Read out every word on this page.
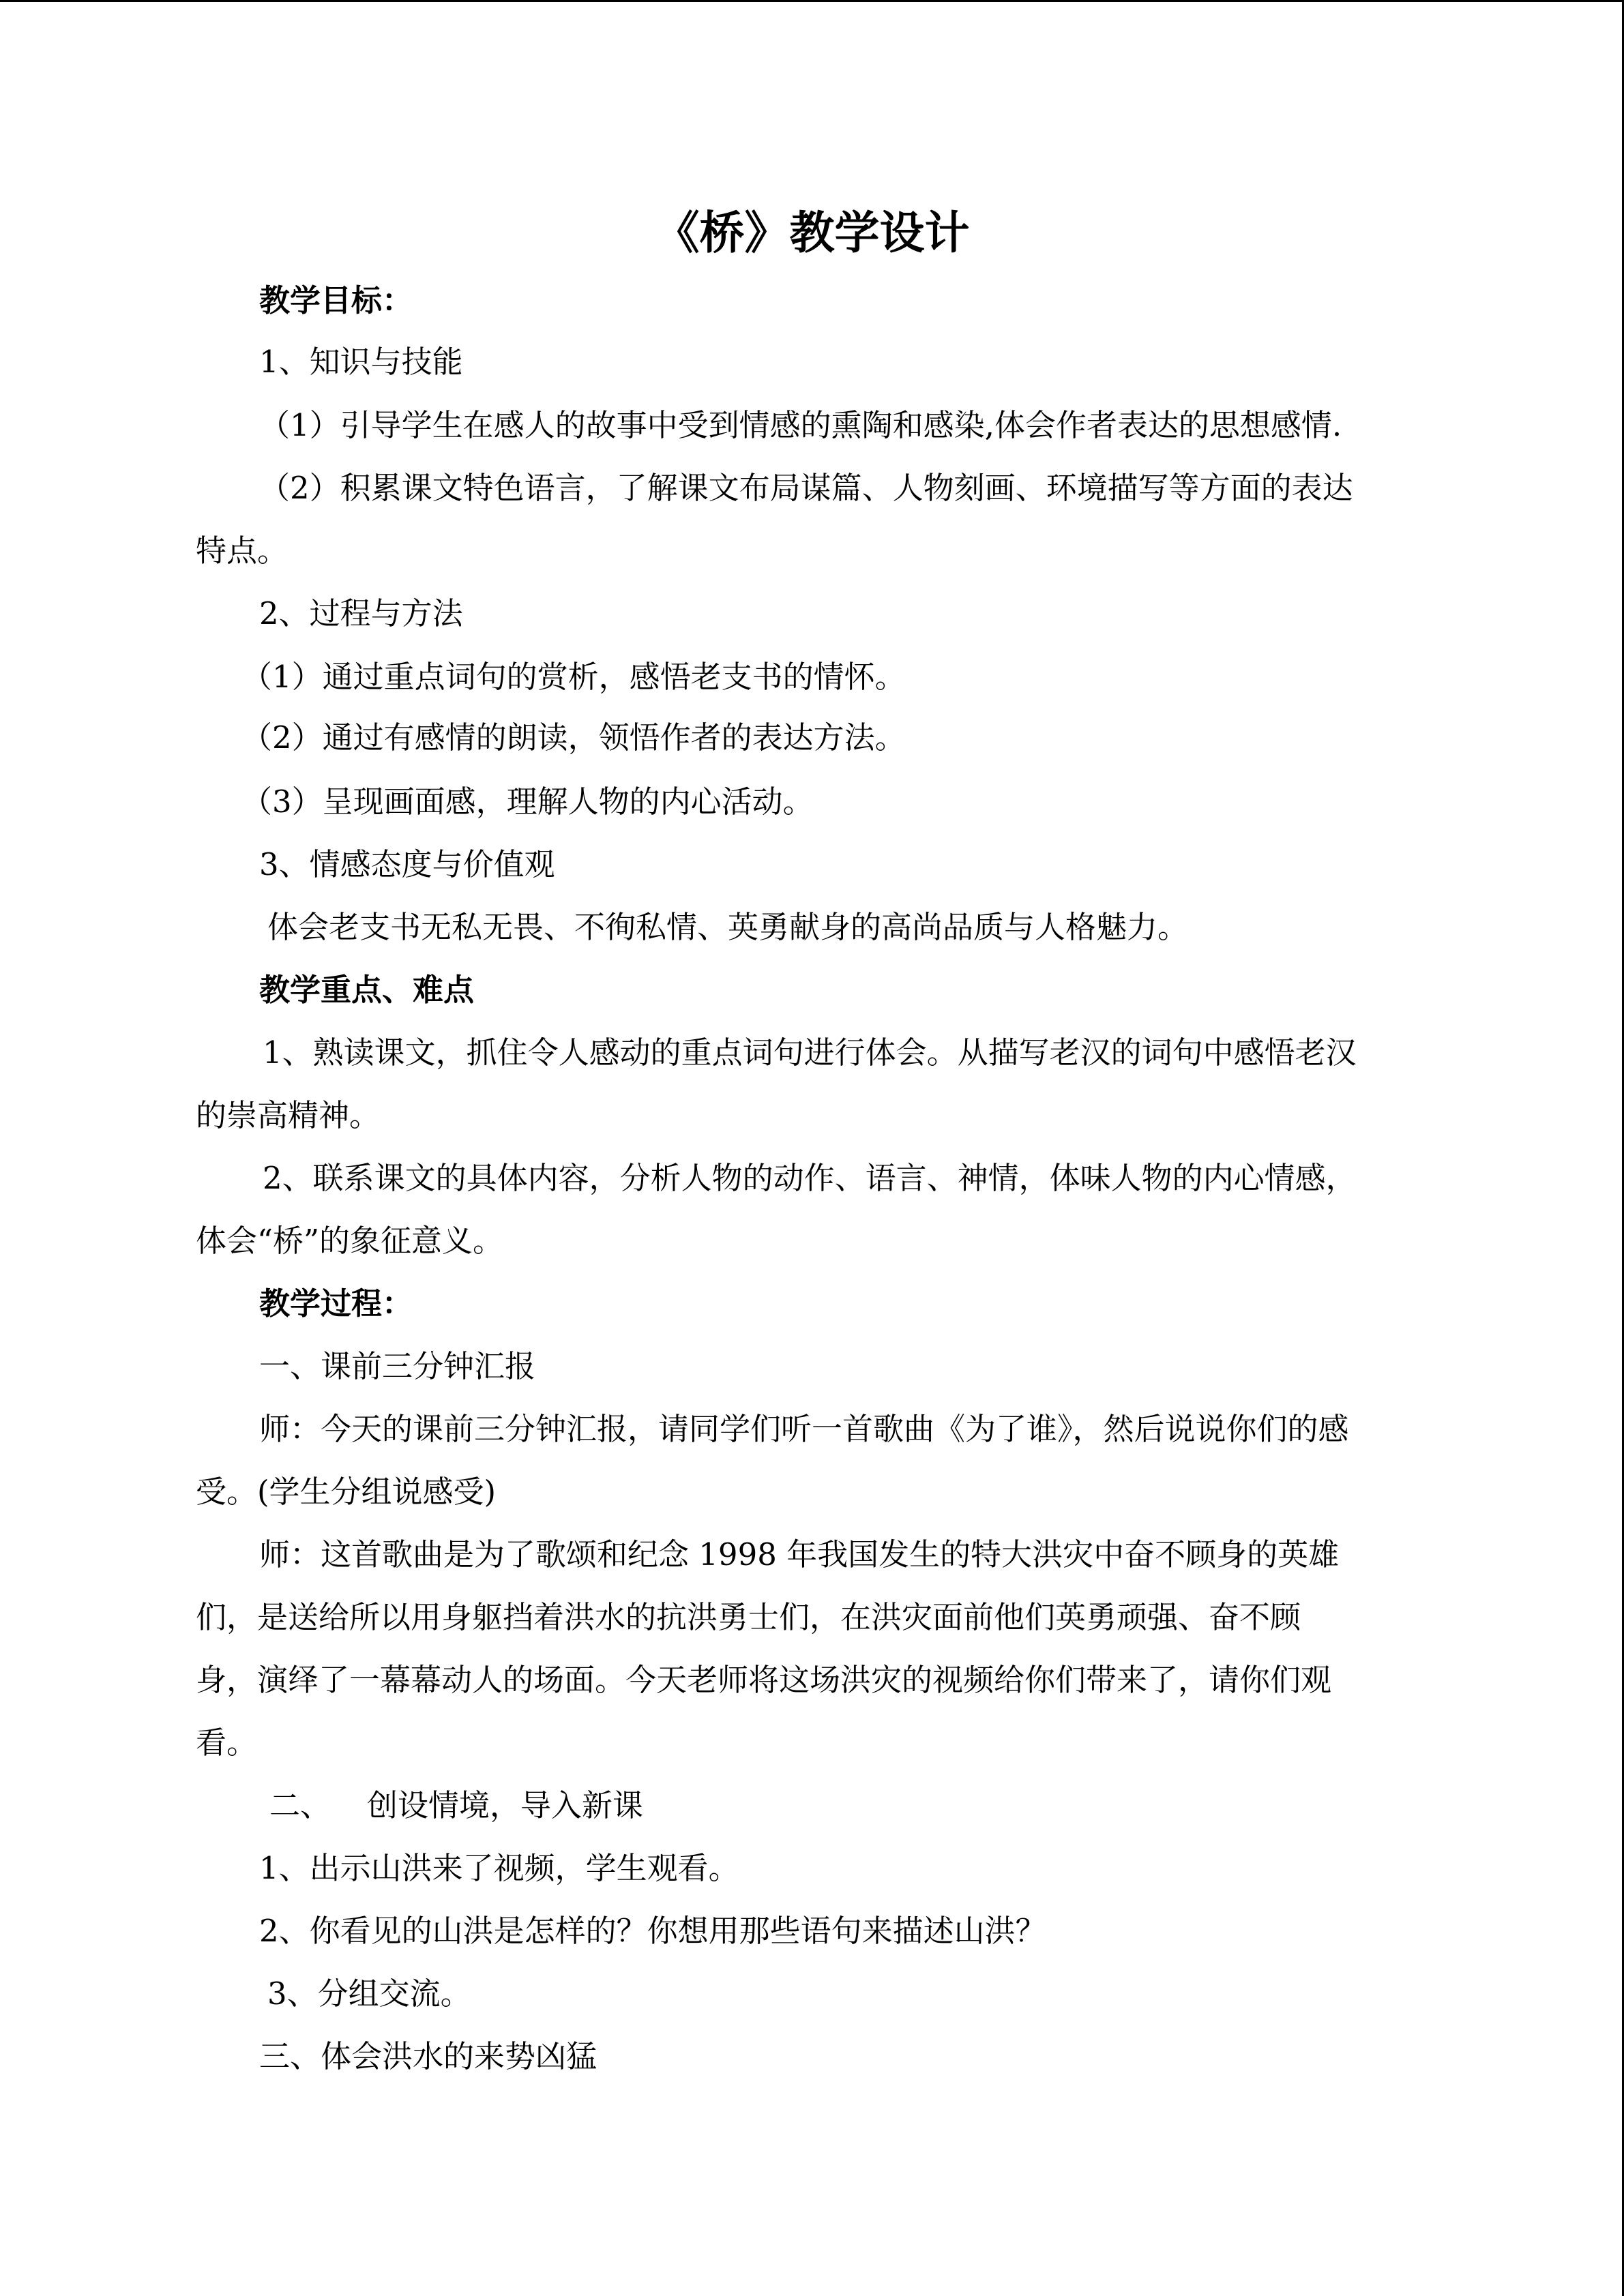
《桥》教学设计
教学目标：
1、知识与技能
（1）引导学生在感人的故事中受到情感的熏陶和感染,体会作者表达的思想感情.
（2）积累课文特色语言，了解课文布局谋篇、人物刻画、环境描写等方面的表达
特点。
2、过程与方法
（1）通过重点词句的赏析，感悟老支书的情怀。
（2）通过有感情的朗读，领悟作者的表达方法。
（3）呈现画面感，理解人物的内心活动。
3、情感态度与价值观
体会老支书无私无畏、不徇私情、英勇献身的高尚品质与人格魅力。
教学重点、难点
1、熟读课文，抓住令人感动的重点词句进行体会。从描写老汉的词句中感悟老汉
的崇高精神。
2、联系课文的具体内容，分析人物的动作、语言、神情，体味人物的内心情感，
体会“桥”的象征意义。
教学过程：
一、课前三分钟汇报
师：今天的课前三分钟汇报，请同学们听一首歌曲《为了谁》，然后说说你们的感
受。(学生分组说感受)
师：这首歌曲是为了歌颂和纪念 1998 年我国发生的特大洪灾中奋不顾身的英雄
们，是送给所以用身躯挡着洪水的抗洪勇士们，在洪灾面前他们英勇顽强、奋不顾
身，演绎了一幕幕动人的场面。今天老师将这场洪灾的视频给你们带来了，请你们观
看。
二、 创设情境，导入新课
1、出示山洪来了视频，学生观看。
2、你看见的山洪是怎样的？你想用那些语句来描述山洪？
3、分组交流。
三、体会洪水的来势凶猛
